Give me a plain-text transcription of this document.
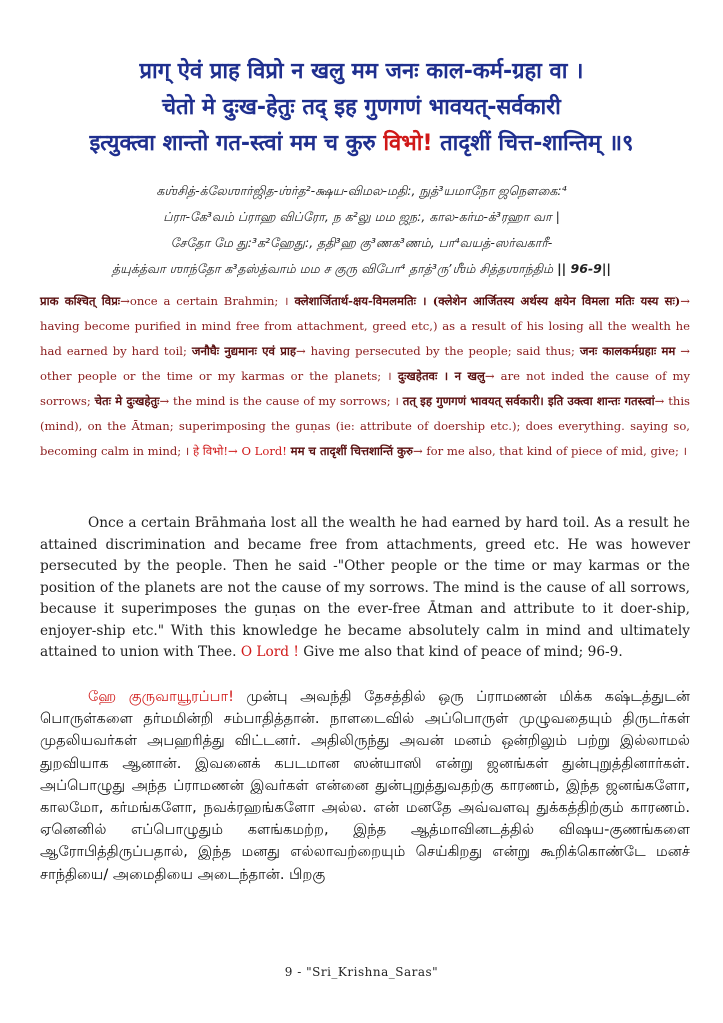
प्राग् ऐवं प्राह विप्रो न खलु मम जनः काल-कर्म-ग्रहा वा ।
चेतो मे दुःख-हेतुः तद् इह गुणगणं भावयत्-सर्वकारी
इत्युक्त्वा शान्तो गत-स्त्वां मम च कुरु विभो! तादृशीं चित्त-शान्तिम् ॥९
கஶ்சித்-க்லேஶார்ஜித-ஶ்ர்த²-க்ஷய-விமல-மதி:, நுத்³யமாநோ ஜநௌகை:⁴
ப்ரா-கே³வம் ப்ராஹ விப்ரோ, ந க²லு மம ஜந:, கால-கர்ம-க்³ரஹா வா |
சேதோ மே து:³க²ஹேது:, ததி³ஹ கு³ணக³ணம், பா⁴வயத்-ஸர்வகாரீ-
த்யுக்த்வா ஶாந்தோ க³தஸ்த்வாம் மம ச குரு விபோ⁴ தாத்³ருʼஶீம் சித்தஶாந்திம் || 96-9||
प्राक कश्चित् विप्रः→once a certain Brahmin; । क्लेशार्जितार्थ-क्षय-विमलमतिः । (क्लेशेन आर्जितस्य अर्थस्य क्षयेन विमला मतिः यस्य सः)→ having become purified in mind free from attachment, greed etc,) as a result of his losing all the wealth he had earned by hard toil; जनौघैः नुद्यमानः एवं प्राह→ having persecuted by the people; said thus; जनः कालकर्मग्रहाः मम → other people or the time or my karmas or the planets; । दुःखहेतवः । न खलु→ are not inded the cause of my sorrows; चेतः मे दुःखहेतुः→ the mind is the cause of my sorrows; । तत् इह गुणगणं भावयत् सर्वकारी। इति उक्त्वा शान्तः गतस्त्वां→ this (mind), on the Ātman; superimposing the guṇas (ie: attribute of doership etc.); does everything. saying so, becoming calm in mind; । हे विभो!→ O Lord! मम च तादृशीं चित्तशान्तिं कुरु→ for me also, that kind of piece of mid, give; ।
Once a certain Brāhmaṅa lost all the wealth he had earned by hard toil. As a result he attained discrimination and became free from attachments, greed etc. He was however persecuted by the people. Then he said -"Other people or the time or may karmas or the position of the planets are not the cause of my sorrows. The mind is the cause of all sorrows, because it superimposes the guṇas on the ever-free Ātman and attribute to it doer-ship, enjoyer-ship etc." With this knowledge he became absolutely calm in mind and ultimately attained to union with Thee. O Lord ! Give me also that kind of peace of mind; 96-9.
ஹே குருவாயூரப்பா! முன்பு அவந்தி தேசத்தில் ஒரு ப்ராமணன் மிக்க கஷ்டத்துடன் பொருள்களை தர்மமின்றி சம்பாதித்தான். நாளடைவில் அப்பொருள் முழுவதையும் திருடர்கள் முதலியவர்கள் அபஹரித்து விட்டனர். அதிலிருந்து அவன் மனம் ஒன்றிலும் பற்று இல்லாமல் துறவியாக ஆனான். இவனைக் கபடமான ஸன்யாஸி என்று ஜனங்கள் துன்புறுத்தினார்கள். அப்பொழுது அந்த ப்ராமணன் இவர்கள் என்னை துன்புறுத்துவதற்கு காரணம், இந்த ஜனங்களோ, காலமோ, கர்மங்களோ, நவக்ரஹங்களோ அல்ல. என் மனதே அவ்வளவு துக்கத்திற்கும் காரணம். ஏனெனில் எப்பொழுதும் களங்கமற்ற, இந்த ஆத்மாவினடத்தில் விஷய-குணங்களை ஆரோபித்திருப்பதால், இந்த மனது எல்லாவற்றையும் செய்கிறது என்று கூறிக்கொண்டே மனச் சாந்தியை/ அமைதியை அடைந்தான். பிறகு
9 - "Sri_Krishna_Saras"
